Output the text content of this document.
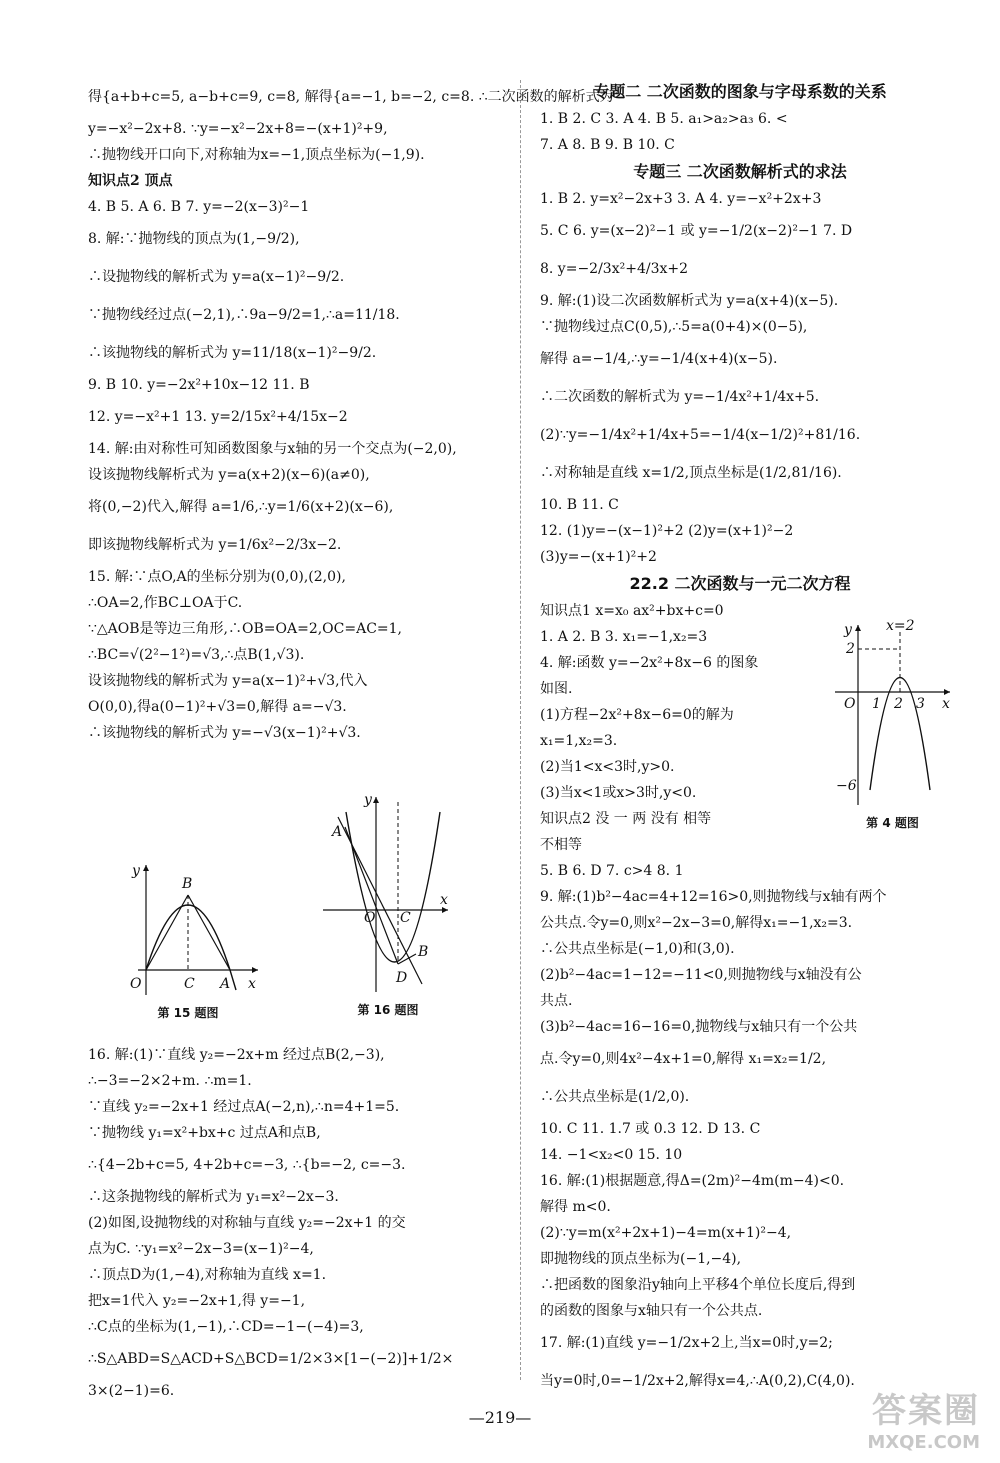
得{a+b+c=5, a−b+c=9, c=8, 解得{a=−1, b=−2, c=8. ∴二次函数的解析式为
y=−x²−2x+8. ∵y=−x²−2x+8=−(x+1)²+9,
∴抛物线开口向下,对称轴为x=−1,顶点坐标为(−1,9).
知识点2 顶点
4. B 5. A 6. B 7. y=−2(x−3)²−1
8. 解:∵抛物线的顶点为(1,−9/2),
∴设抛物线的解析式为 y=a(x−1)²−9/2.
∵抛物线经过点(−2,1),∴9a−9/2=1,∴a=11/18.
∴该抛物线的解析式为 y=11/18(x−1)²−9/2.
9. B 10. y=−2x²+10x−12 11. B
12. y=−x²+1 13. y=2/15x²+4/15x−2
14. 解:由对称性可知函数图象与x轴的另一个交点为(−2,0),
设该抛物线解析式为 y=a(x+2)(x−6)(a≠0),
将(0,−2)代入,解得 a=1/6,∴y=1/6(x+2)(x−6),
即该抛物线解析式为 y=1/6x²−2/3x−2.
15. 解:∵点O,A的坐标分别为(0,0),(2,0),
∴OA=2,作BC⊥OA于C.
∵△AOB是等边三角形,∴OB=OA=2,OC=AC=1,
∴BC=√(2²−1²)=√3,∴点B(1,√3).
设该抛物线的解析式为 y=a(x−1)²+√3,代入
O(0,0),得a(0−1)²+√3=0,解得 a=−√3.
∴该抛物线的解析式为 y=−√3(x−1)²+√3.
y
B
O	C A x
第 15 题图
y
A
O C
x
B
D
第 16 题图
16. 解:(1)∵直线 y₂=−2x+m 经过点B(2,−3),
∴−3=−2×2+m. ∴m=1.
∵直线 y₂=−2x+1 经过点A(−2,n),∴n=4+1=5.
∵抛物线 y₁=x²+bx+c 过点A和点B,
∴{4−2b+c=5, 4+2b+c=−3, ∴{b=−2, c=−3.
∴这条抛物线的解析式为 y₁=x²−2x−3.
(2)如图,设抛物线的对称轴与直线 y₂=−2x+1 的交
点为C. ∵y₁=x²−2x−3=(x−1)²−4,
∴顶点D为(1,−4),对称轴为直线 x=1.
把x=1代入 y₂=−2x+1,得 y=−1,
∴C点的坐标为(1,−1),∴CD=−1−(−4)=3,
∴S△ABD=S△ACD+S△BCD=1/2×3×[1−(−2)]+1/2×
3×(2−1)=6.
专题二 二次函数的图象与字母系数的关系
1. B 2. C 3. A 4. B 5. a₁>a₂>a₃ 6. <
7. A 8. B 9. B 10. C
专题三 二次函数解析式的求法
1. B 2. y=x²−2x+3 3. A 4. y=−x²+2x+3
5. C 6. y=(x−2)²−1 或 y=−1/2(x−2)²−1 7. D
8. y=−2/3x²+4/3x+2
9. 解:(1)设二次函数解析式为 y=a(x+4)(x−5).
∵抛物线过点C(0,5),∴5=a(0+4)×(0−5),
解得 a=−1/4,∴y=−1/4(x+4)(x−5).
∴二次函数的解析式为 y=−1/4x²+1/4x+5.
(2)∵y=−1/4x²+1/4x+5=−1/4(x−1/2)²+81/16.
∴对称轴是直线 x=1/2,顶点坐标是(1/2,81/16).
10. B 11. C
12. (1)y=−(x−1)²+2 (2)y=(x+1)²−2
(3)y=−(x+1)²+2
22.2 二次函数与一元二次方程
知识点1 x=x₀ ax²+bx+c=0
1. A 2. B 3. x₁=−1,x₂=3
4. 解:函数 y=−2x²+8x−6 的图象
如图.
(1)方程−2x²+8x−6=0的解为
x₁=1,x₂=3.
(2)当1<x<3时,y>0.
(3)当x<1或x>3时,y<0.
知识点2 没 一 两 没有 相等
不相等
5. B 6. D 7. c>4 8. 1
9. 解:(1)b²−4ac=4+12=16>0,则抛物线与x轴有两个
公共点.令y=0,则x²−2x−3=0,解得x₁=−1,x₂=3.
∴公共点坐标是(−1,0)和(3,0).
(2)b²−4ac=1−12=−11<0,则抛物线与x轴没有公
共点.
(3)b²−4ac=16−16=0,抛物线与x轴只有一个公共
点.令y=0,则4x²−4x+1=0,解得 x₁=x₂=1/2,
∴公共点坐标是(1/2,0).
10. C 11. 1.7 或 0.3 12. D 13. C
14. −1<x₂<0 15. 10
16. 解:(1)根据题意,得Δ=(2m)²−4m(m−4)<0.
解得 m<0.
(2)∵y=m(x²+2x+1)−4=m(x+1)²−4,
即抛物线的顶点坐标为(−1,−4),
∴把函数的图象沿y轴向上平移4个单位长度后,得到
的函数的图象与x轴只有一个公共点.
17. 解:(1)直线 y=−1/2x+2上,当x=0时,y=2;
当y=0时,0=−1/2x+2,解得x=4,∴A(0,2),C(4,0).
y x=2
2
O 1 2 3 x
−6
第 4 题图
—219—	答案圈
MXQE.COM
